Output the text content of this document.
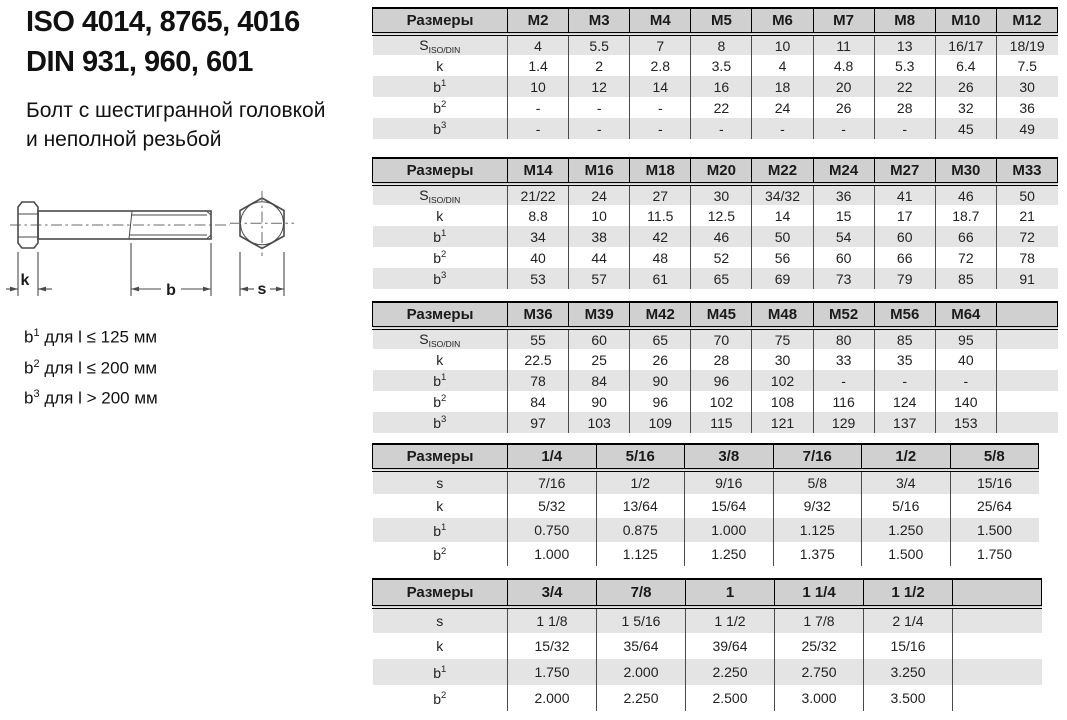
ISO 4014, 8765, 4016
DIN 931, 960, 601
Болт с шестигранной головкой
и неполной резьбой
k
b	s
b$^1$ для l ≤ 125 мм
b$^2$ для l ≤ 200 мм
b$^3$ для l > 200 мм
Размеры	M2	M3	M4	M5	M6	M7	M8	M10	M12
$S_{ISO/DIN}$	4	5.5	7	8	10	11	13	16/17	18/19
k	1.4	2	2.8	3.5	4	4.8	5.3	6.4	7.5
$b^1$	10	12	14	16	18	20	22	26	30
$b^2$	-	-	-	22	24	26	28	32	36
$b^3$	-	-	-	-	-	-	-	45	49
Размеры	M14	M16	M18	M20	M22	M24	M27	M30	M33
$S_{ISO/DIN}$	21/22	24	27	30	34/32	36	41	46	50
k	8.8	10	11.5	12.5	14	15	17	18.7	21
$b^1$	34	38	42	46	50	54	60	66	72
$b^2$	40	44	48	52	56	60	66	72	78
$b^3$	53	57	61	65	69	73	79	85	91
Размеры	M36	M39	M42	M45	M48	M52	M56	M64	
$S_{ISO/DIN}$	55	60	65	70	75	80	85	95	
k	22.5	25	26	28	30	33	35	40	
$b^1$	78	84	90	96	102	-	-	-	
$b^2$	84	90	96	102	108	116	124	140	
$b^3$	97	103	109	115	121	129	137	153	
Размеры	1/4	5/16	3/8	7/16	1/2	5/8
s	7/16	1/2	9/16	5/8	3/4	15/16
k	5/32	13/64	15/64	9/32	5/16	25/64
$b^1$	0.750	0.875	1.000	1.125	1.250	1.500
$b^2$	1.000	1.125	1.250	1.375	1.500	1.750
Размеры	3/4	7/8	1	1 1/4	1 1/2	
s	1 1/8	1 5/16	1 1/2	1 7/8	2 1/4	
k	15/32	35/64	39/64	25/32	15/16	
$b^1$	1.750	2.000	2.250	2.750	3.250	
$b^2$	2.000	2.250	2.500	3.000	3.500	
